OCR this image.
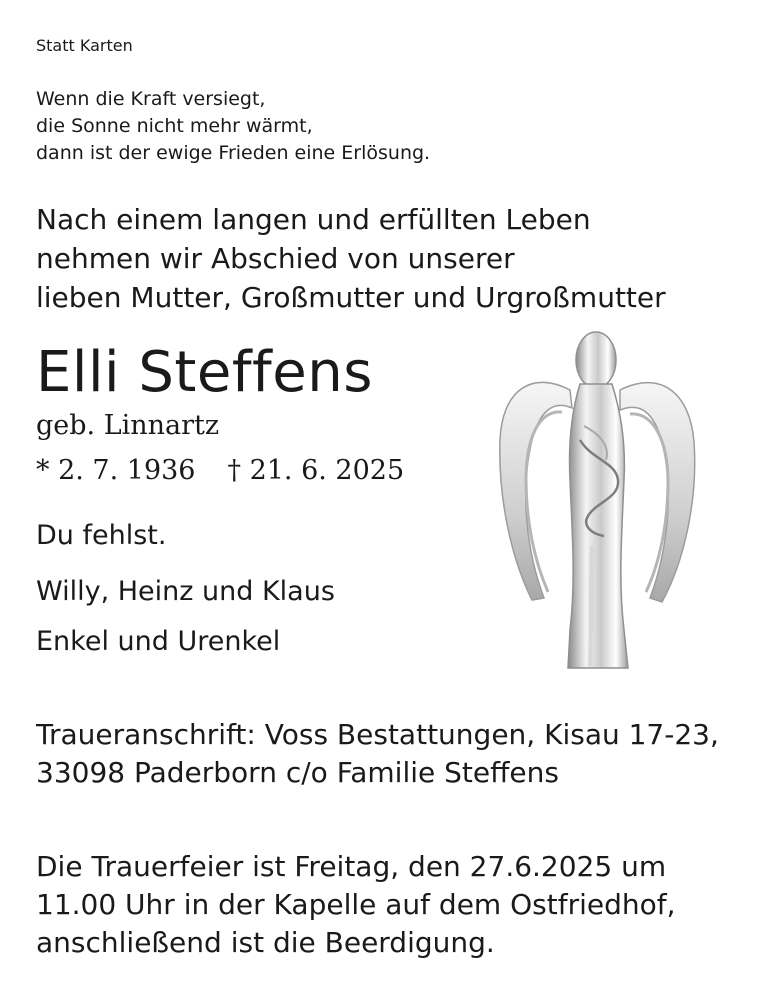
Statt Karten
Wenn die Kraft versiegt,
die Sonne nicht mehr wärmt,
dann ist der ewige Frieden eine Erlösung.
Nach einem langen und erfüllten Leben
nehmen wir Abschied von unserer
lieben Mutter, Großmutter und Urgroßmutter
Elli Steffens
geb. Linnartz
* 2. 7. 1936 † 21. 6. 2025
Du fehlst.
Willy, Heinz und Klaus
Enkel und Urenkel
Traueranschrift: Voss Bestattungen, Kisau 17-23,
33098 Paderborn c/o Familie Steffens
Die Trauerfeier ist Freitag, den 27.6.2025 um
11.00 Uhr in der Kapelle auf dem Ostfriedhof,
anschließend ist die Beerdigung.
